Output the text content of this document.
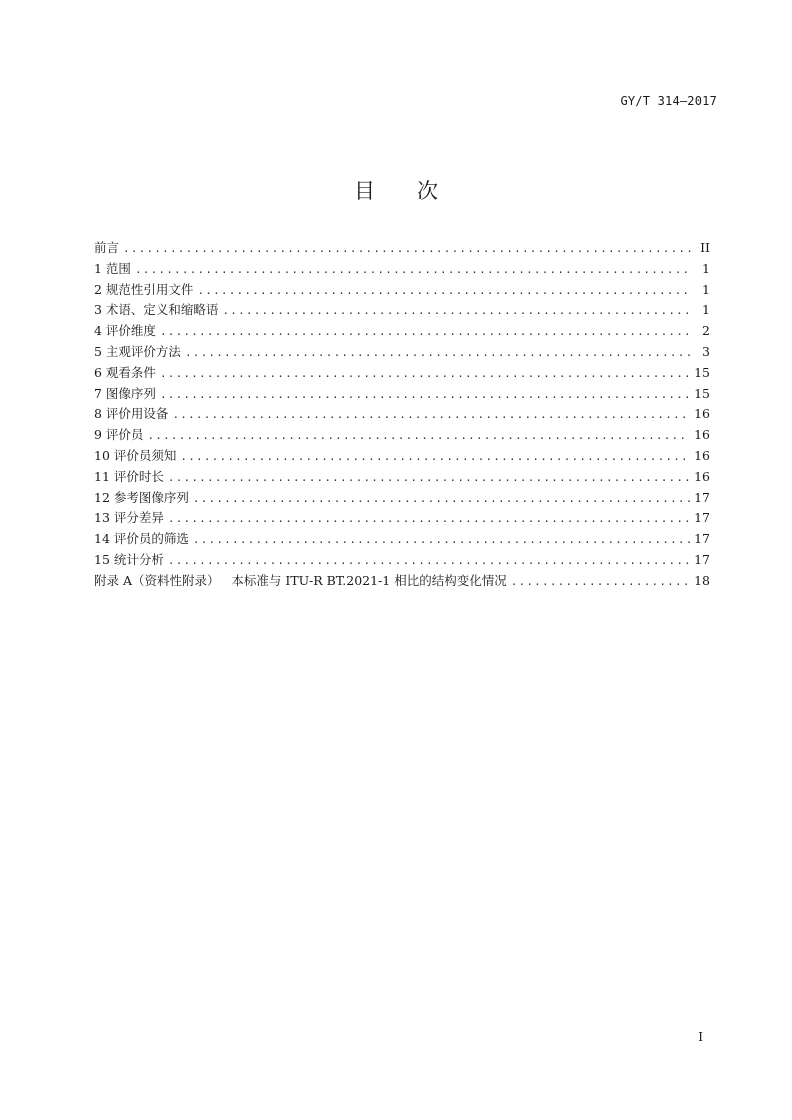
GY/T 314—2017
目 次
前言 .....	II
1 范围 .....	1
2 规范性引用文件 .....	1
3 术语、定义和缩略语 .....	1
4 评价维度 .....	2
5 主观评价方法 .....	3
6 观看条件 .....	15
7 图像序列 .....	15
8 评价用设备 .....	16
9 评价员 .....	16
10 评价员须知 .....	16
11 评价时长 .....	16
12 参考图像序列 .....	17
13 评分差异 .....	17
14 评价员的筛选 .....	17
15 统计分析 .....	17
附录 A（资料性附录）   本标准与 ITU-R BT.2021-1 相比的结构变化情况 .....	18
I
